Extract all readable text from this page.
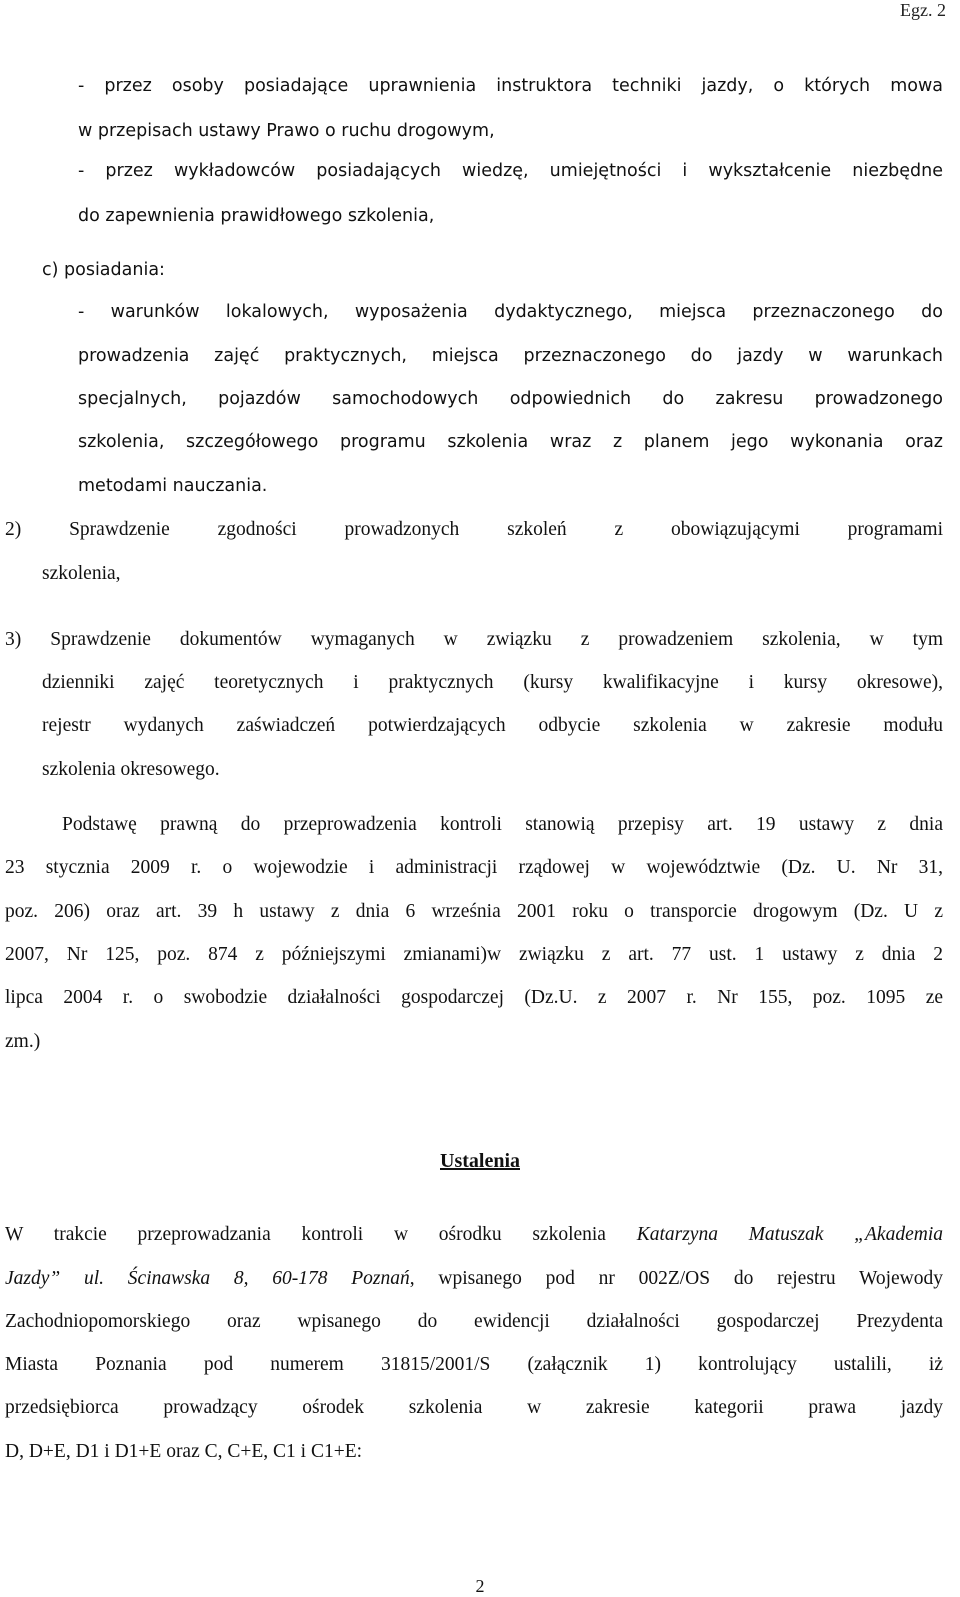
Egz. 2
- przez osoby posiadające uprawnienia instruktora techniki jazdy, o których mowa
w przepisach ustawy Prawo o ruchu drogowym,
- przez wykładowców posiadających wiedzę, umiejętności i wykształcenie niezbędne
do zapewnienia prawidłowego szkolenia,
c) posiadania:
- warunków lokalowych, wyposażenia dydaktycznego, miejsca przeznaczonego do
prowadzenia zajęć praktycznych, miejsca przeznaczonego do jazdy w warunkach
specjalnych, pojazdów samochodowych odpowiednich do zakresu prowadzonego
szkolenia, szczegółowego programu szkolenia wraz z planem jego wykonania oraz
metodami nauczania.
2) Sprawdzenie zgodności prowadzonych szkoleń z obowiązującymi programami
szkolenia,
3) Sprawdzenie dokumentów wymaganych w związku z prowadzeniem szkolenia, w tym
dzienniki zajęć teoretycznych i praktycznych (kursy kwalifikacyjne i kursy okresowe),
rejestr wydanych zaświadczeń potwierdzających odbycie szkolenia w zakresie modułu
szkolenia okresowego.
Podstawę prawną do przeprowadzenia kontroli stanowią przepisy art. 19 ustawy z dnia
23 stycznia 2009 r. o wojewodzie i administracji rządowej w województwie (Dz. U. Nr 31,
poz. 206) oraz art. 39 h ustawy z dnia 6 września 2001 roku o transporcie drogowym (Dz. U z
2007, Nr 125, poz. 874 z późniejszymi zmianami)w związku z art. 77 ust. 1 ustawy z dnia 2
lipca 2004 r. o swobodzie działalności gospodarczej (Dz.U. z 2007 r. Nr 155, poz. 1095 ze
zm.)
Ustalenia
W trakcie przeprowadzania kontroli w ośrodku szkolenia Katarzyna Matuszak „Akademia
Jazdy” ul. Ścinawska 8, 60-178 Poznań, wpisanego pod nr 002Z/OS do rejestru Wojewody
Zachodniopomorskiego oraz wpisanego do ewidencji działalności gospodarczej Prezydenta
Miasta Poznania pod numerem 31815/2001/S (załącznik 1) kontrolujący ustalili, iż
przedsiębiorca prowadzący ośrodek szkolenia w zakresie kategorii prawa jazdy
D, D+E, D1 i D1+E oraz C, C+E, C1 i C1+E:
2
